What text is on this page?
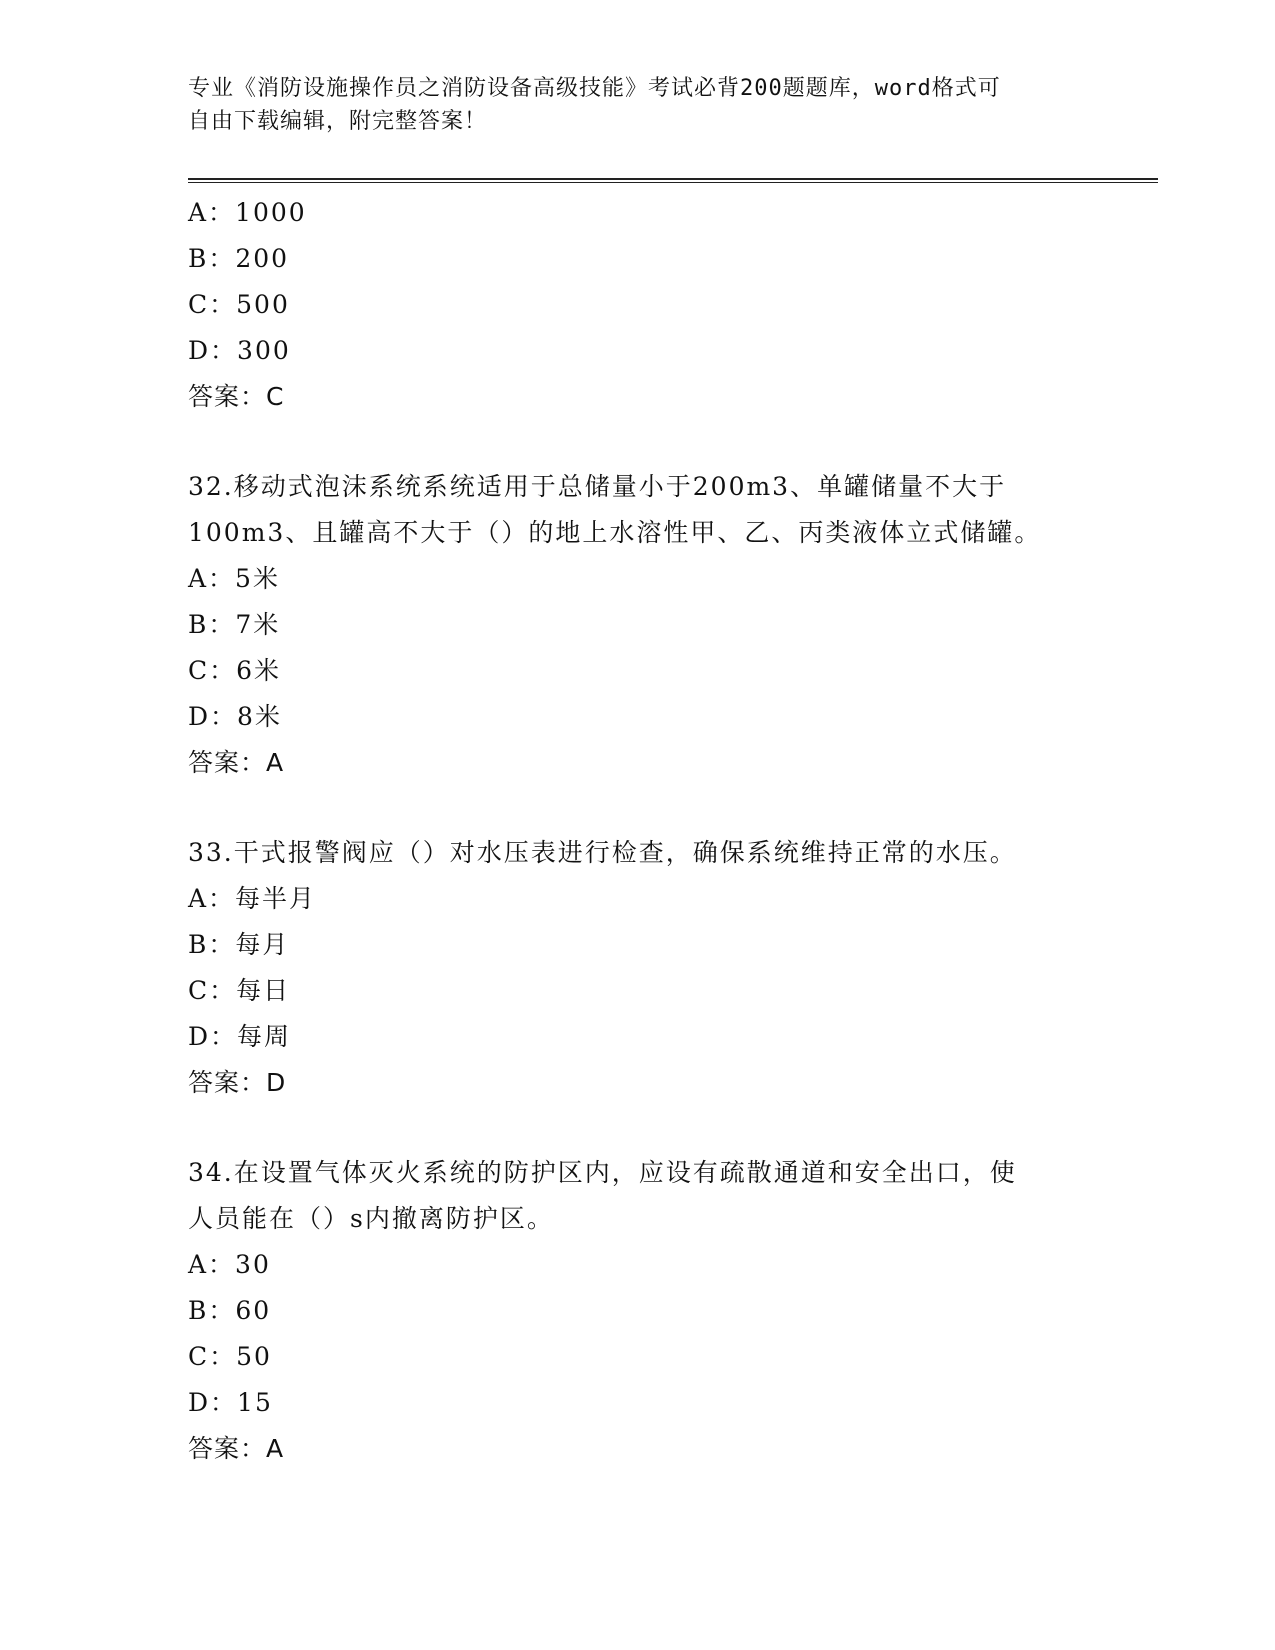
专业《消防设施操作员之消防设备高级技能》考试必背200题题库，word格式可
自由下载编辑，附完整答案！
A：1000
B：200
C：500
D：300
答案：C
32.移动式泡沫系统系统适用于总储量小于200m3、单罐储量不大于
100m3、且罐高不大于（）的地上水溶性甲、乙、丙类液体立式储罐。
A：5米
B：7米
C：6米
D：8米
答案：A
33.干式报警阀应（）对水压表进行检查，确保系统维持正常的水压。
A：每半月
B：每月
C：每日
D：每周
答案：D
34.在设置气体灭火系统的防护区内，应设有疏散通道和安全出口，使
人员能在（）s内撤离防护区。
A：30
B：60
C：50
D：15
答案：A
